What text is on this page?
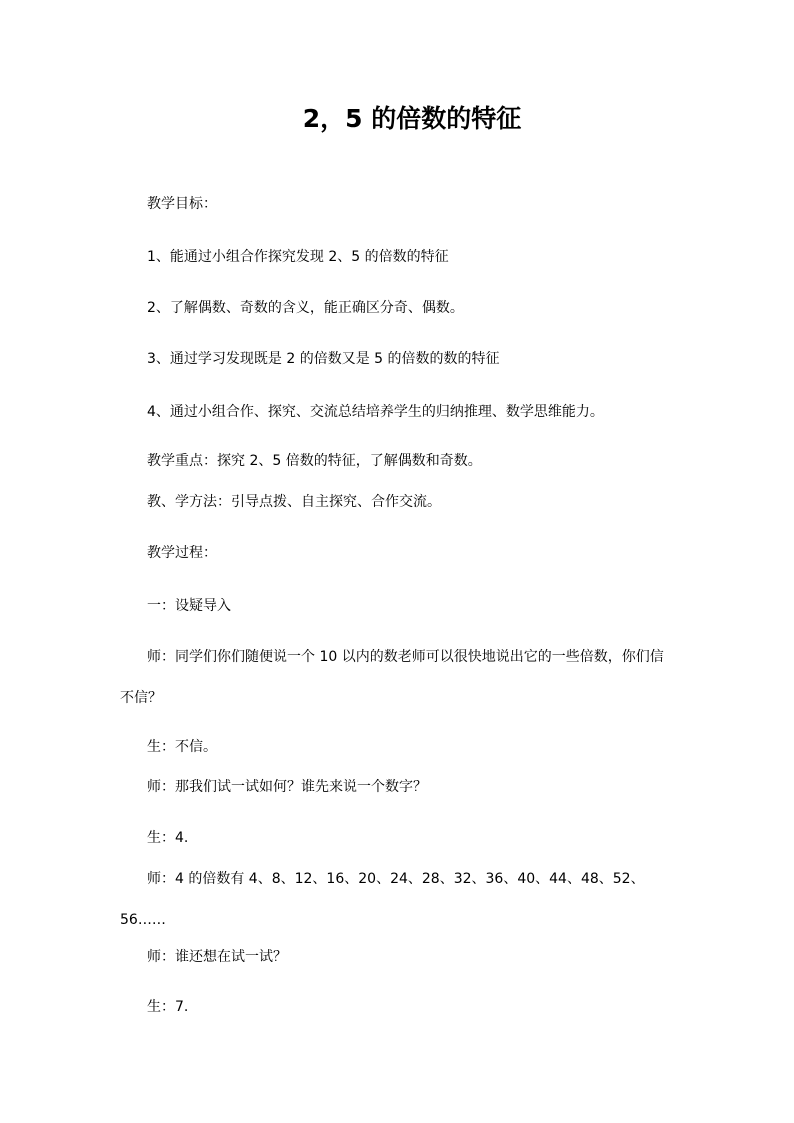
2，5 的倍数的特征

教学目标：

1、能通过小组合作探究发现 2、5 的倍数的特征

2、了解偶数、奇数的含义，能正确区分奇、偶数。

3、通过学习发现既是 2 的倍数又是 5 的倍数的数的特征

4、通过小组合作、探究、交流总结培养学生的归纳推理、数学思维能力。

教学重点：探究 2、5 倍数的特征，了解偶数和奇数。

教、学方法：引导点拨、自主探究、合作交流。

教学过程：

一：设疑导入

师：同学们你们随便说一个 10 以内的数老师可以很快地说出它的一些倍数，你们信不信？

生：不信。

师：那我们试一试如何？谁先来说一个数字？

生：4.

师：4 的倍数有 4、8、12、16、20、24、28、32、36、40、44、48、52、56……

师：谁还想在试一试？

生：7.
